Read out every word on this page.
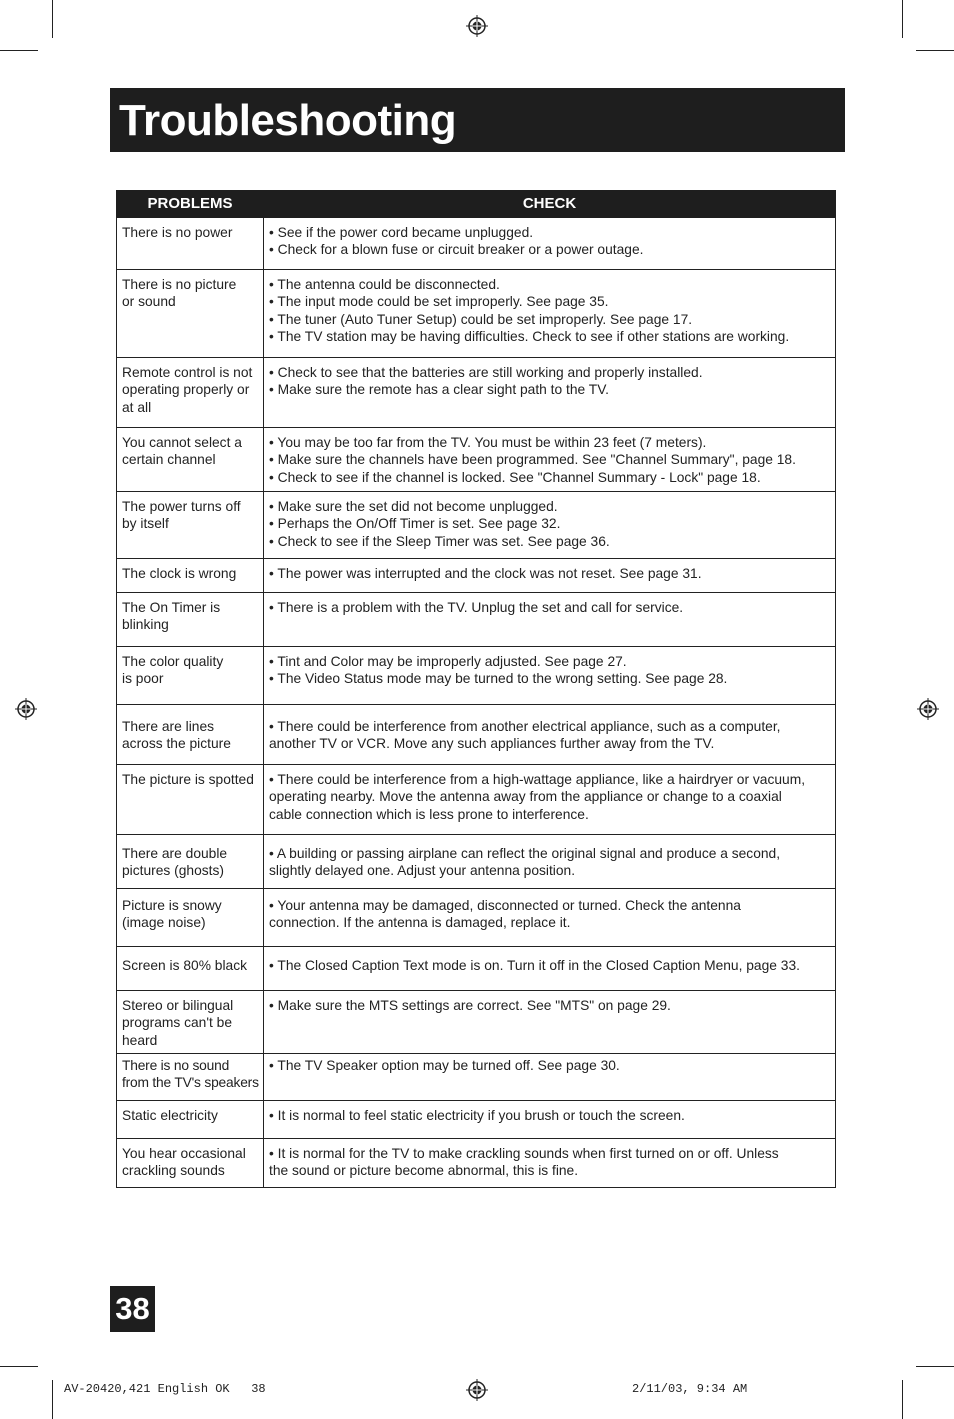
Troubleshooting
PROBLEMS	CHECK
There is no power	• See if the power cord became unplugged.
• Check for a blown fuse or circuit breaker or a power outage.
There is no picture
or sound	• The antenna could be disconnected.
• The input mode could be set improperly. See page 35.
• The tuner (Auto Tuner Setup) could be set improperly. See page 17.
• The TV station may be having difficulties. Check to see if other stations are working.
Remote control is not
operating properly or
at all	• Check to see that the batteries are still working and properly installed.
• Make sure the remote has a clear sight path to the TV.
You cannot select a
certain channel	• You may be too far from the TV. You must be within 23 feet (7 meters).
• Make sure the channels have been programmed. See "Channel Summary", page 18.
• Check to see if the channel is locked. See "Channel Summary - Lock" page 18.
The power turns off
by itself	• Make sure the set did not become unplugged.
• Perhaps the On/Off Timer is set. See page 32.
• Check to see if the Sleep Timer was set. See page 36.
The clock is wrong	• The power was interrupted and the clock was not reset. See page 31.
The On Timer is
blinking	• There is a problem with the TV. Unplug the set and call for service.
The color quality
is poor	• Tint and Color may be improperly adjusted. See page 27.
• The Video Status mode may be turned to the wrong setting. See page 28.
There are lines
across the picture	• There could be interference from another electrical appliance, such as a computer,
another TV or VCR. Move any such appliances further away from the TV.
The picture is spotted	• There could be interference from a high-wattage appliance, like a hairdryer or vacuum,
operating nearby. Move the antenna away from the appliance or change to a coaxial
cable connection which is less prone to interference.
There are double
pictures (ghosts)	• A building or passing airplane can reflect the original signal and produce a second,
slightly delayed one. Adjust your antenna position.
Picture is snowy
(image noise)	• Your antenna may be damaged, disconnected or turned. Check the antenna
connection. If the antenna is damaged, replace it.
Screen is 80% black	• The Closed Caption Text mode is on. Turn it off in the Closed Caption Menu, page 33.
Stereo or bilingual
programs can't be
heard	• Make sure the MTS settings are correct. See "MTS" on page 29.
There is no sound
from the TV's speakers	• The TV Speaker option may be turned off. See page 30.
Static electricity	• It is normal to feel static electricity if you brush or touch the screen.
You hear occasional
crackling sounds	• It is normal for the TV to make crackling sounds when first turned on or off. Unless
the sound or picture become abnormal, this is fine.
38
AV-20420,421 English OK   38	2/11/03, 9:34 AM
